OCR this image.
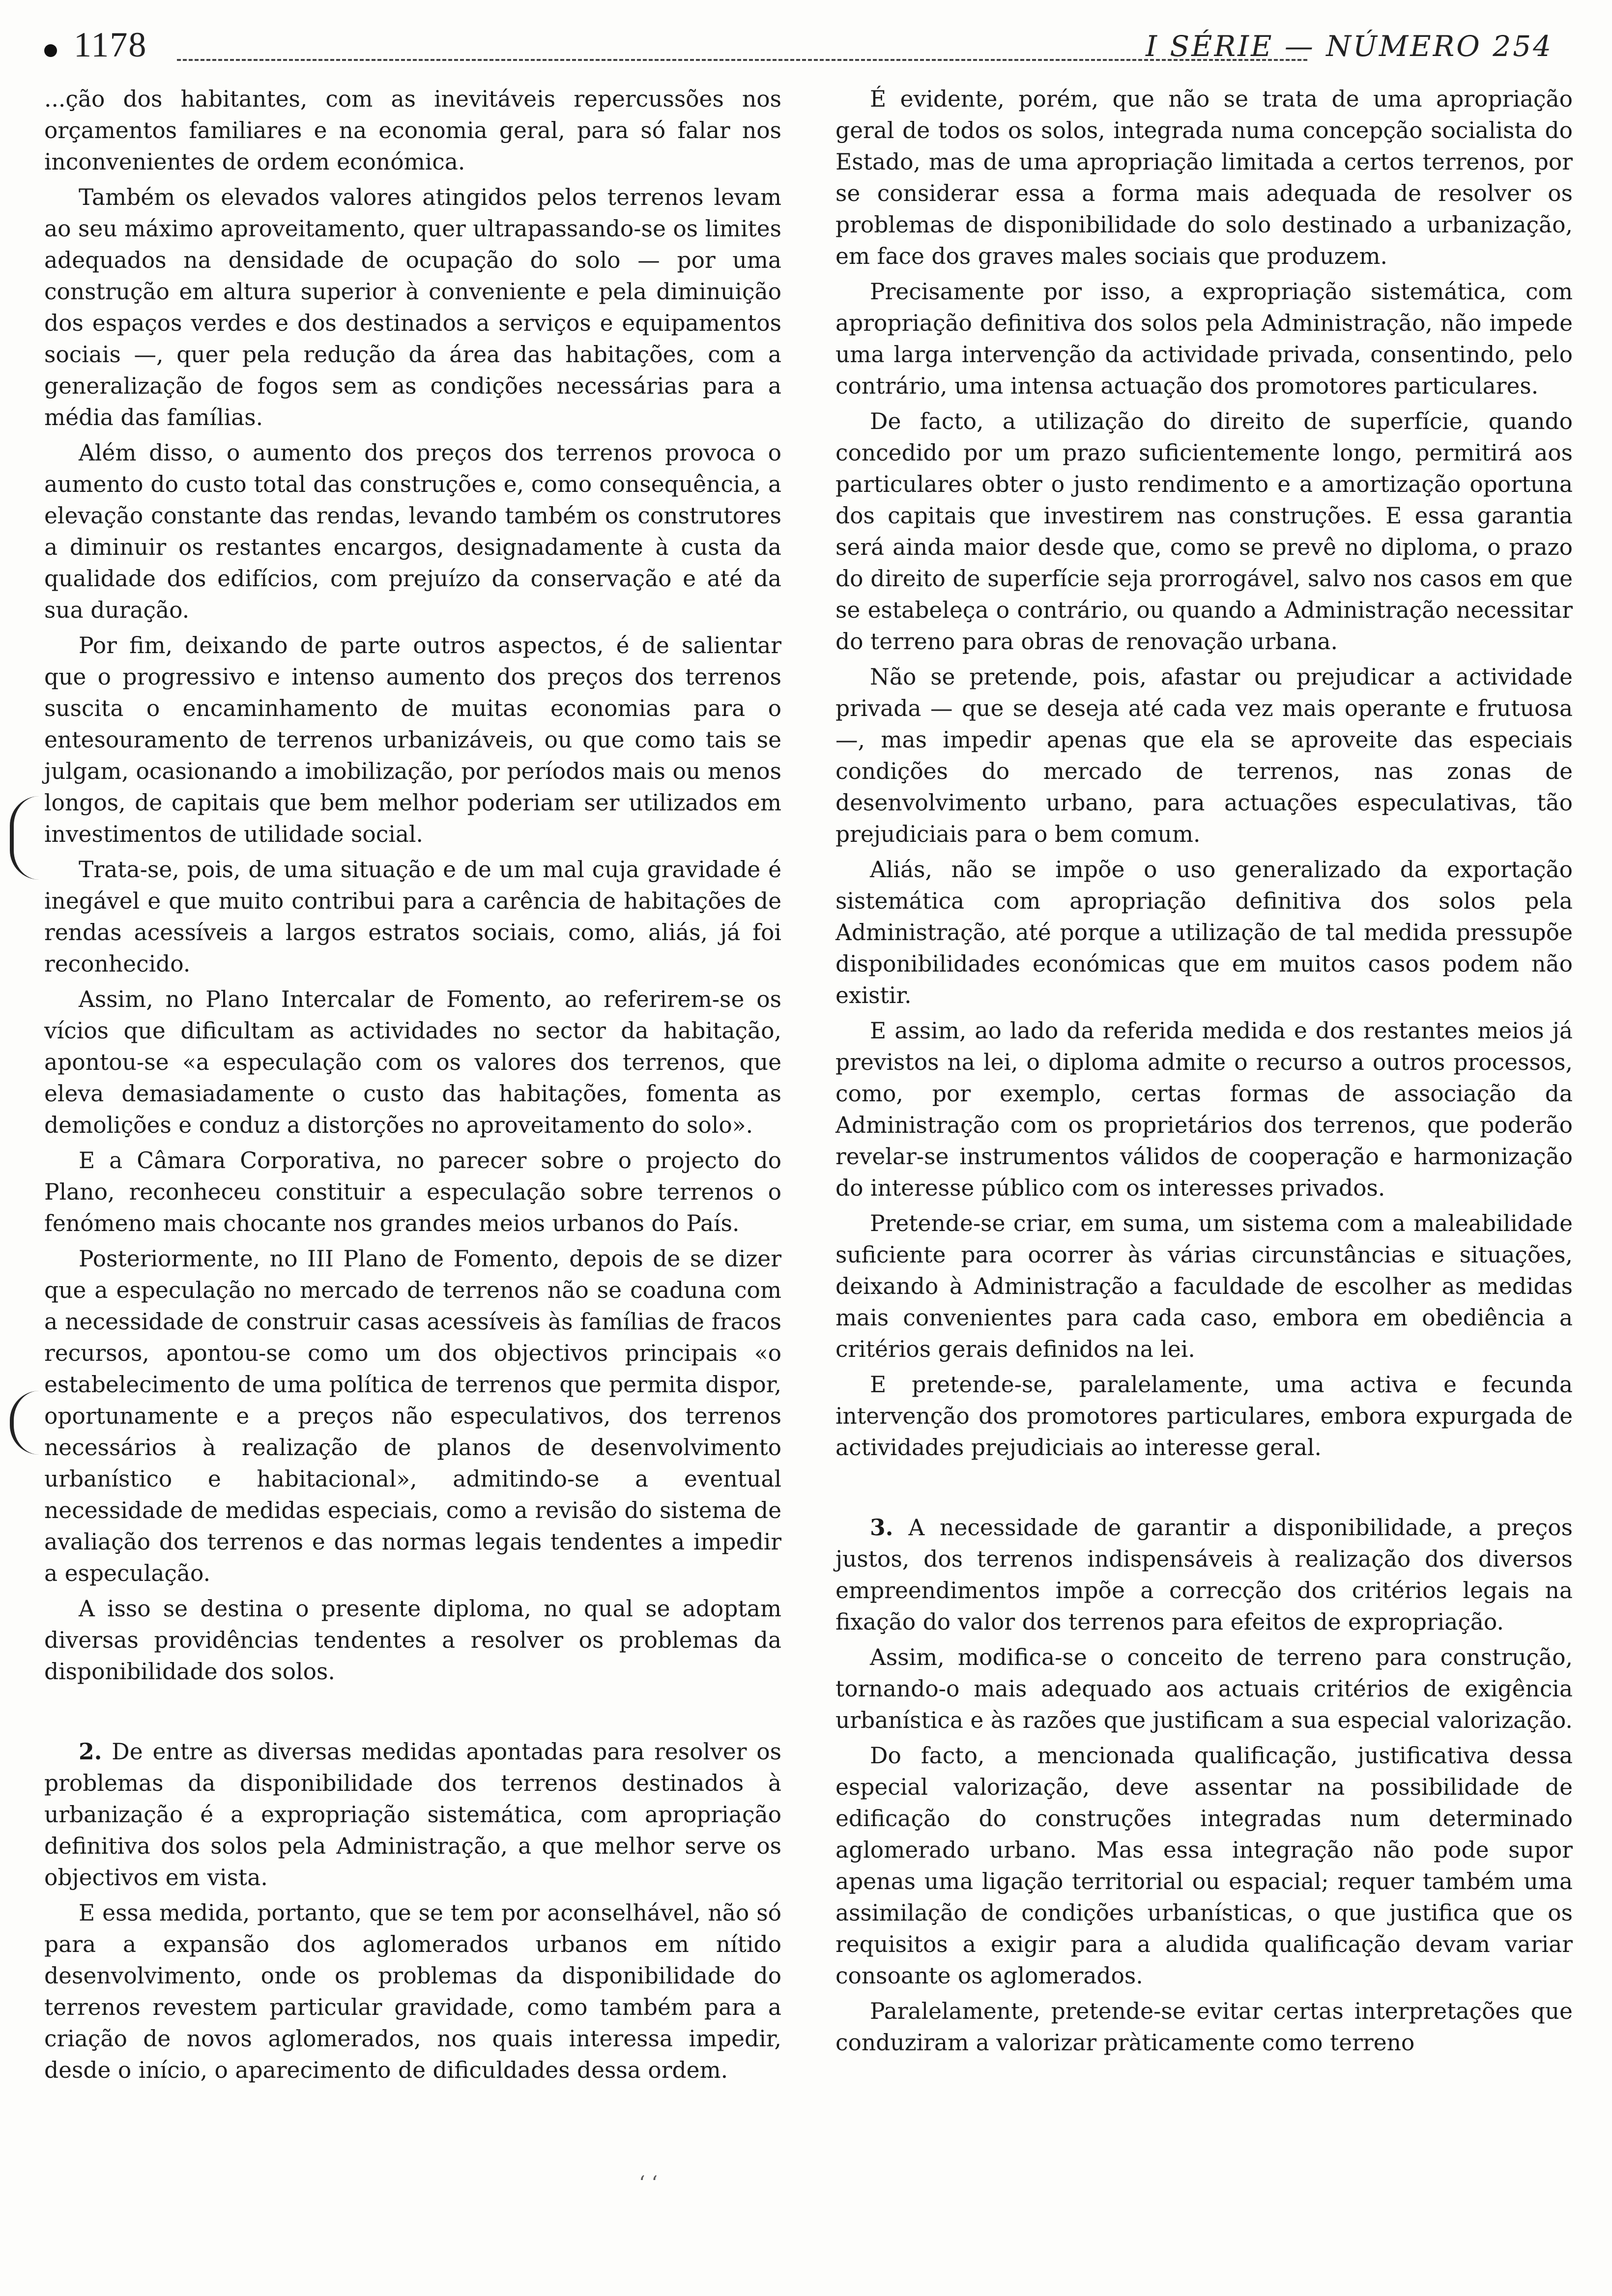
1178	I SÉRIE — NÚMERO 254

...ção dos habitantes, com as inevitáveis repercussões nos orçamentos familiares e na economia geral, para só falar nos inconvenientes de ordem económica.

Também os elevados valores atingidos pelos terrenos levam ao seu máximo aproveitamento, quer ultrapassando-se os limites adequados na densidade de ocupação do solo — por uma construção em altura superior à conveniente e pela diminuição dos espaços verdes e dos destinados a serviços e equipamentos sociais —, quer pela redução da área das habitações, com a generalização de fogos sem as condições necessárias para a média das famílias.

Além disso, o aumento dos preços dos terrenos provoca o aumento do custo total das construções e, como consequência, a elevação constante das rendas, levando também os construtores a diminuir os restantes encargos, designadamente à custa da qualidade dos edifícios, com prejuízo da conservação e até da sua duração.

Por fim, deixando de parte outros aspectos, é de salientar que o progressivo e intenso aumento dos preços dos terrenos suscita o encaminhamento de muitas economias para o entesouramento de terrenos urbanizáveis, ou que como tais se julgam, ocasionando a imobilização, por períodos mais ou menos longos, de capitais que bem melhor poderiam ser utilizados em investimentos de utilidade social.

Trata-se, pois, de uma situação e de um mal cuja gravidade é inegável e que muito contribui para a carência de habitações de rendas acessíveis a largos estratos sociais, como, aliás, já foi reconhecido.

Assim, no Plano Intercalar de Fomento, ao referirem-se os vícios que dificultam as actividades no sector da habitação, apontou-se «a especulação com os valores dos terrenos, que eleva demasiadamente o custo das habitações, fomenta as demolições e conduz a distorções no aproveitamento do solo».

E a Câmara Corporativa, no parecer sobre o projecto do Plano, reconheceu constituir a especulação sobre terrenos o fenómeno mais chocante nos grandes meios urbanos do País.

Posteriormente, no III Plano de Fomento, depois de se dizer que a especulação no mercado de terrenos não se coaduna com a necessidade de construir casas acessíveis às famílias de fracos recursos, apontou-se como um dos objectivos principais «o estabelecimento de uma política de terrenos que permita dispor, oportunamente e a preços não especulativos, dos terrenos necessários à realização de planos de desenvolvimento urbanístico e habitacional», admitindo-se a eventual necessidade de medidas especiais, como a revisão do sistema de avaliação dos terrenos e das normas legais tendentes a impedir a especulação.

A isso se destina o presente diploma, no qual se adoptam diversas providências tendentes a resolver os problemas da disponibilidade dos solos.

2. De entre as diversas medidas apontadas para resolver os problemas da disponibilidade dos terrenos destinados à urbanização é a expropriação sistemática, com apropriação definitiva dos solos pela Administração, a que melhor serve os objectivos em vista.

E essa medida, portanto, que se tem por aconselhável, não só para a expansão dos aglomerados urbanos em nítido desenvolvimento, onde os problemas da disponibilidade do terrenos revestem particular gravidade, como também para a criação de novos aglomerados, nos quais interessa impedir, desde o início, o aparecimento de dificuldades dessa ordem.

É evidente, porém, que não se trata de uma apropriação geral de todos os solos, integrada numa concepção socialista do Estado, mas de uma apropriação limitada a certos terrenos, por se considerar essa a forma mais adequada de resolver os problemas de disponibilidade do solo destinado a urbanização, em face dos graves males sociais que produzem.

Precisamente por isso, a expropriação sistemática, com apropriação definitiva dos solos pela Administração, não impede uma larga intervenção da actividade privada, consentindo, pelo contrário, uma intensa actuação dos promotores particulares.

De facto, a utilização do direito de superfície, quando concedido por um prazo suficientemente longo, permitirá aos particulares obter o justo rendimento e a amortização oportuna dos capitais que investirem nas construções. E essa garantia será ainda maior desde que, como se prevê no diploma, o prazo do direito de superfície seja prorrogável, salvo nos casos em que se estabeleça o contrário, ou quando a Administração necessitar do terreno para obras de renovação urbana.

Não se pretende, pois, afastar ou prejudicar a actividade privada — que se deseja até cada vez mais operante e frutuosa —, mas impedir apenas que ela se aproveite das especiais condições do mercado de terrenos, nas zonas de desenvolvimento urbano, para actuações especulativas, tão prejudiciais para o bem comum.

Aliás, não se impõe o uso generalizado da exportação sistemática com apropriação definitiva dos solos pela Administração, até porque a utilização de tal medida pressupõe disponibilidades económicas que em muitos casos podem não existir.

E assim, ao lado da referida medida e dos restantes meios já previstos na lei, o diploma admite o recurso a outros processos, como, por exemplo, certas formas de associação da Administração com os proprietários dos terrenos, que poderão revelar-se instrumentos válidos de cooperação e harmonização do interesse público com os interesses privados.

Pretende-se criar, em suma, um sistema com a maleabilidade suficiente para ocorrer às várias circunstâncias e situações, deixando à Administração a faculdade de escolher as medidas mais convenientes para cada caso, embora em obediência a critérios gerais definidos na lei.

E pretende-se, paralelamente, uma activa e fecunda intervenção dos promotores particulares, embora expurgada de actividades prejudiciais ao interesse geral.

3. A necessidade de garantir a disponibilidade, a preços justos, dos terrenos indispensáveis à realização dos diversos empreendimentos impõe a correcção dos critérios legais na fixação do valor dos terrenos para efeitos de expropriação.

Assim, modifica-se o conceito de terreno para construção, tornando-o mais adequado aos actuais critérios de exigência urbanística e às razões que justificam a sua especial valorização.

Do facto, a mencionada qualificação, justificativa dessa especial valorização, deve assentar na possibilidade de edificação do construções integradas num determinado aglomerado urbano. Mas essa integração não pode supor apenas uma ligação territorial ou espacial; requer também uma assimilação de condições urbanísticas, o que justifica que os requisitos a exigir para a aludida qualificação devam variar consoante os aglomerados.

Paralelamente, pretende-se evitar certas interpretações que conduziram a valorizar pràticamente como terreno

‘ ‘
